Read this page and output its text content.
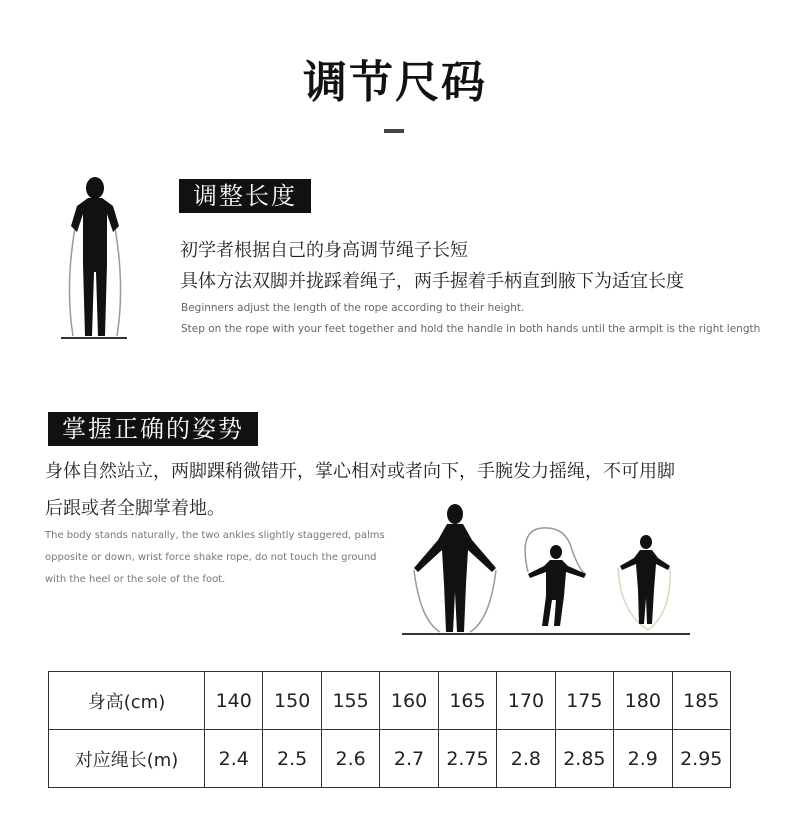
调节尺码
调整长度
初学者根据自己的身高调节绳子长短
具体方法双脚并拢踩着绳子，两手握着手柄直到腋下为适宜长度
Beginners adjust the length of the rope according to their height.
Step on the rope with your feet together and hold the handle in both hands until the armpit is the right length
掌握正确的姿势
身体自然站立，两脚踝稍微错开，掌心相对或者向下，手腕发力摇绳，不可用脚
后跟或者全脚掌着地。
The body stands naturally, the two ankles slightly staggered, palms
opposite or down, wrist force shake rope, do not touch the ground
with the heel or the sole of the foot.
身高(cm)	140	150	155	160	165	170	175	180	185
对应绳长(m)	2.4	2.5	2.6	2.7	2.75	2.8	2.85	2.9	2.95
